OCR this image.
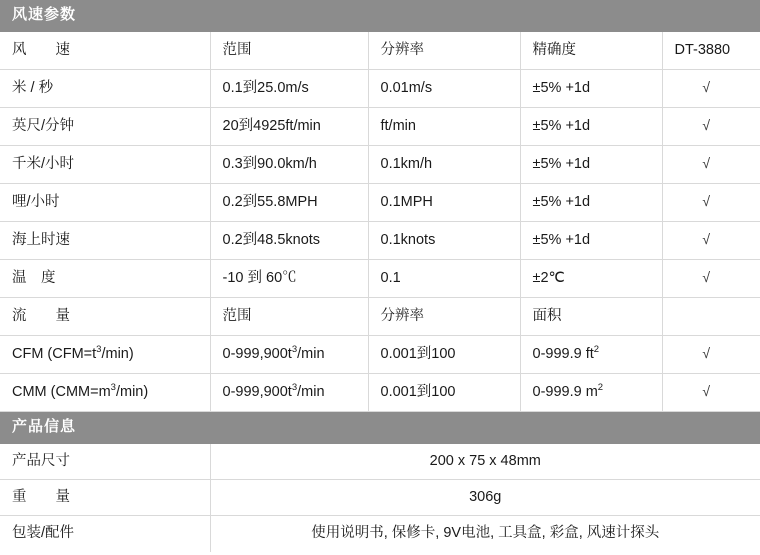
风速参数
风　速	范围	分辨率	精确度	DT-3880
米 / 秒	0.1到25.0m/s	0.01m/s	±5% +1d	√
英尺/分钟	20到4925ft/min	ft/min	±5% +1d	√
千米/小时	0.3到90.0km/h	0.1km/h	±5% +1d	√
哩/小时	0.2到55.8MPH	0.1MPH	±5% +1d	√
海上时速	0.2到48.5knots	0.1knots	±5% +1d	√
温　度	-10 到 60℃	0.1	±2℃	√
流　量	范围	分辨率	面积	
CFM $(CFM=t^3/\min)$	$0-999,900t^3/\min$	0.001到100	0-999.9 $ft^2$	√
CMM $(CMM=m^3/\min)$	$0-999,900t^3/\min$	0.001到100	0-999.9 $m^2$	√
产品信息
产品尺寸	200 x 75 x 48mm
重　　量	306g
包装/配件	使用说明书, 保修卡, 9V电池, 工具盒, 彩盒, 风速计探头
